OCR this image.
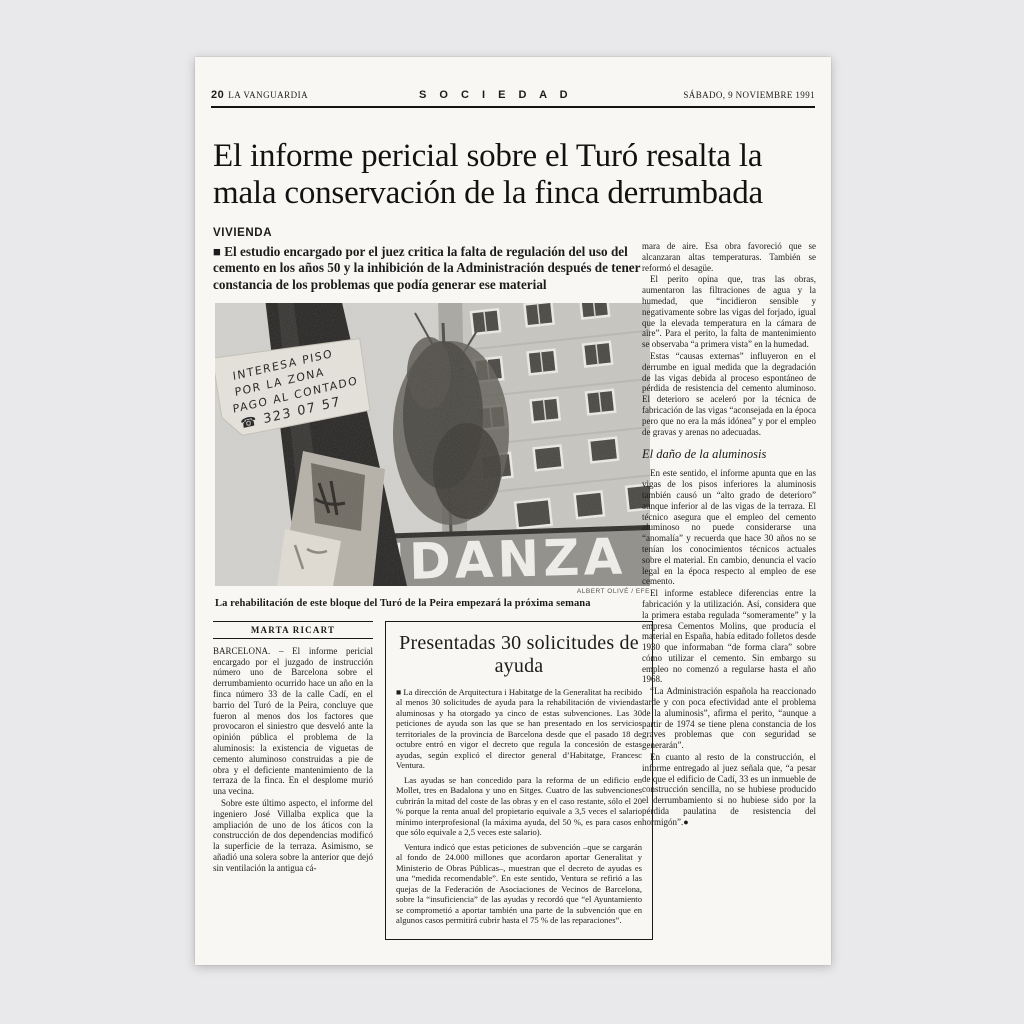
20 LA VANGUARDIA	S O C I E D A D	SÁBADO, 9 NOVIEMBRE 1991
El informe pericial sobre el Turó resalta la
mala conservación de la finca derrumbada
VIVIENDA
■ El estudio encargado por el juez critica la falta de regulación del uso del cemento en los años 50 y la inhibición de la Administración después de tener constancia de los problemas que podía generar ese material
ALBERT OLIVÉ / EFE
La rehabilitación de este bloque del Turó de la Peira empezará la próxima semana
MARTA RICART

BARCELONA. – El informe pericial encargado por el juzgado de instrucción número uno de Barcelona sobre el derrumbamiento ocurrido hace un año en la finca número 33 de la calle Cadí, en el barrio del Turó de la Peira, concluye que fueron al menos dos los factores que provocaron el siniestro que desveló ante la opinión pública el problema de la aluminosis: la existencia de viguetas de cemento aluminoso construidas a pie de obra y el deficiente mantenimiento de la terraza de la finca. En el desplome murió una vecina.

Sobre este último aspecto, el informe del ingeniero José Villalba explica que la ampliación de uno de los áticos con la construcción de dos dependencias modificó la superficie de la terraza. Asimismo, se añadió una solera sobre la anterior que dejó sin ventilación la antigua cá-

Presentadas 30 solicitudes de ayuda

■ La dirección de Arquitectura i Habitatge de la Generalitat ha recibido al menos 30 solicitudes de ayuda para la rehabilitación de viviendas aluminosas y ha otorgado ya cinco de estas subvenciones. Las 30 peticiones de ayuda son las que se han presentado en los servicios territoriales de la provincia de Barcelona desde que el pasado 18 de octubre entró en vigor el decreto que regula la concesión de estas ayudas, según explicó el director general d’Habitatge, Francesc Ventura.

Las ayudas se han concedido para la reforma de un edificio en Mollet, tres en Badalona y uno en Sitges. Cuatro de las subvenciones cubrirán la mitad del coste de las obras y en el caso restante, sólo el 20 % porque la renta anual del propietario equivale a 3,5 veces el salario mínimo interprofesional (la máxima ayuda, del 50 %, es para casos en que sólo equivale a 2,5 veces este salario).

Ventura indicó que estas peticiones de subvención –que se cargarán al fondo de 24.000 millones que acordaron aportar Generalitat y Ministerio de Obras Públicas–, muestran que el decreto de ayudas es una “medida recomendable”. En este sentido, Ventura se refirió a las quejas de la Federación de Asociaciones de Vecinos de Barcelona, sobre la “insuficiencia” de las ayudas y recordó que “el Ayuntamiento se comprometió a aportar también una parte de la subvención que en algunos casos permitirá cubrir hasta el 75 % de las reparaciones”.

mara de aire. Esa obra favoreció que se alcanzaran altas temperaturas. También se reformó el desagüe.

El perito opina que, tras las obras, aumentaron las filtraciones de agua y la humedad, que “incidieron sensible y negativamente sobre las vigas del forjado, igual que la elevada temperatura en la cámara de aire”. Para el perito, la falta de mantenimiento se observaba “a primera vista” en la humedad.

Estas “causas externas” influyeron en el derrumbe en igual medida que la degradación de las vigas debida al proceso espontáneo de pérdida de resistencia del cemento aluminoso. El deterioro se aceleró por la técnica de fabricación de las vigas “aconsejada en la época pero que no era la más idónea” y por el empleo de gravas y arenas no adecuadas.

El daño de la aluminosis

En este sentido, el informe apunta que en las vigas de los pisos inferiores la aluminosis también causó un “alto grado de deterioro” aunque inferior al de las vigas de la terraza. El técnico asegura que el empleo del cemento aluminoso no puede considerarse una “anomalía” y recuerda que hace 30 años no se tenían los conocimientos técnicos actuales sobre el material. En cambio, denuncia el vacío legal en la época respecto al empleo de ese cemento.

El informe establece diferencias entre la fabricación y la utilización. Así, considera que la primera estaba regulada “someramente” y la empresa Cementos Molins, que producía el material en España, había editado folletos desde 1930 que informaban “de forma clara” sobre cómo utilizar el cemento. Sin embargo su empleo no comenzó a regularse hasta el año 1968.

“La Administración española ha reaccionado tarde y con poca efectividad ante el problema de la aluminosis”, afirma el perito, “aunque a partir de 1974 se tiene plena constancia de los graves problemas que con seguridad se generarán”.

En cuanto al resto de la construcción, el informe entregado al juez señala que, “a pesar de que el edificio de Cadí, 33 es un inmueble de construcción sencilla, no se hubiese producido el derrumbamiento si no hubiese sido por la pérdida paulatina de resistencia del hormigón”.●
